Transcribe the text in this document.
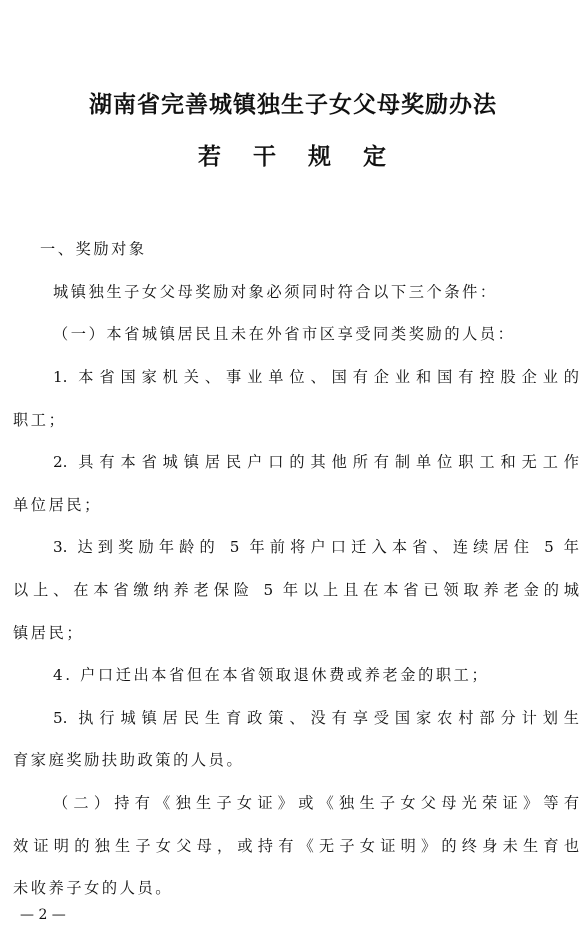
湖南省完善城镇独生子女父母奖励办法
若干规定
一、奖励对象
城镇独生子女父母奖励对象必须同时符合以下三个条件：
（一）本省城镇居民且未在外省市区享受同类奖励的人员：
1. 本省国家机关、事业单位、国有企业和国有控股企业的
职工；
2. 具有本省城镇居民户口的其他所有制单位职工和无工作
单位居民；
3. 达到奖励年龄的 5 年前将户口迁入本省、连续居住 5 年
以上、在本省缴纳养老保险 5 年以上且在本省已领取养老金的城
镇居民；
4. 户口迁出本省但在本省领取退休费或养老金的职工；
5. 执行城镇居民生育政策、没有享受国家农村部分计划生
育家庭奖励扶助政策的人员。
（二）持有《独生子女证》或《独生子女父母光荣证》等有
效证明的独生子女父母，或持有《无子女证明》的终身未生育也
未收养子女的人员。
— 2 —
